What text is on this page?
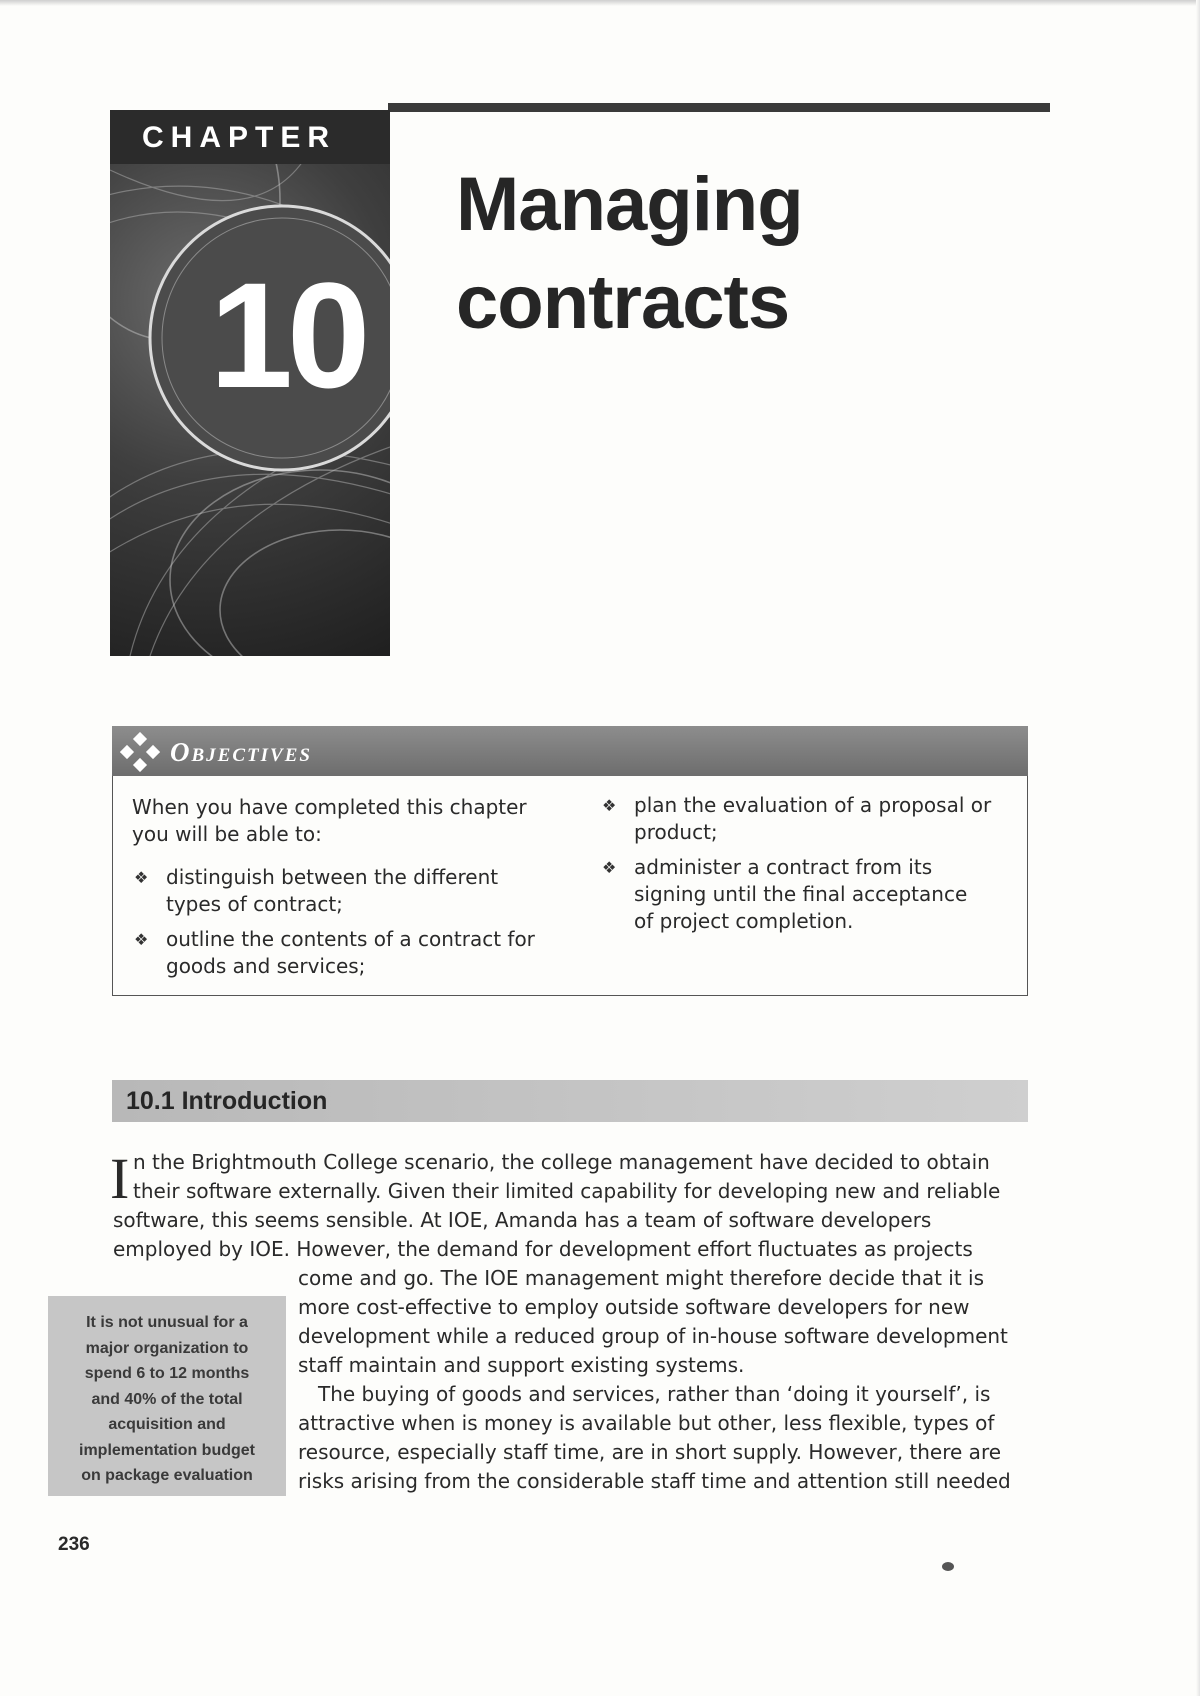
CHAPTER
10
Managing
contracts
Objectives
When you have completed this chapter
you will be able to:
❖ distinguish between the different
types of contract;
❖ outline the contents of a contract for
goods and services;
❖ plan the evaluation of a proposal or
product;
❖ administer a contract from its
signing until the final acceptance
of project completion.
10.1 Introduction
I n the Brightmouth College scenario, the college management have decided to obtain
their software externally. Given their limited capability for developing new and reliable
software, this seems sensible. At IOE, Amanda has a team of software developers
employed by IOE. However, the demand for development effort fluctuates as projects
come and go. The IOE management might therefore decide that it is
more cost-effective to employ outside software developers for new
development while a reduced group of in-house software development
staff maintain and support existing systems.
The buying of goods and services, rather than ‘doing it yourself’, is
attractive when is money is available but other, less flexible, types of
resource, especially staff time, are in short supply. However, there are
risks arising from the considerable staff time and attention still needed
It is not unusual for a
major organization to
spend 6 to 12 months
and 40% of the total
acquisition and
implementation budget
on package evaluation
236
